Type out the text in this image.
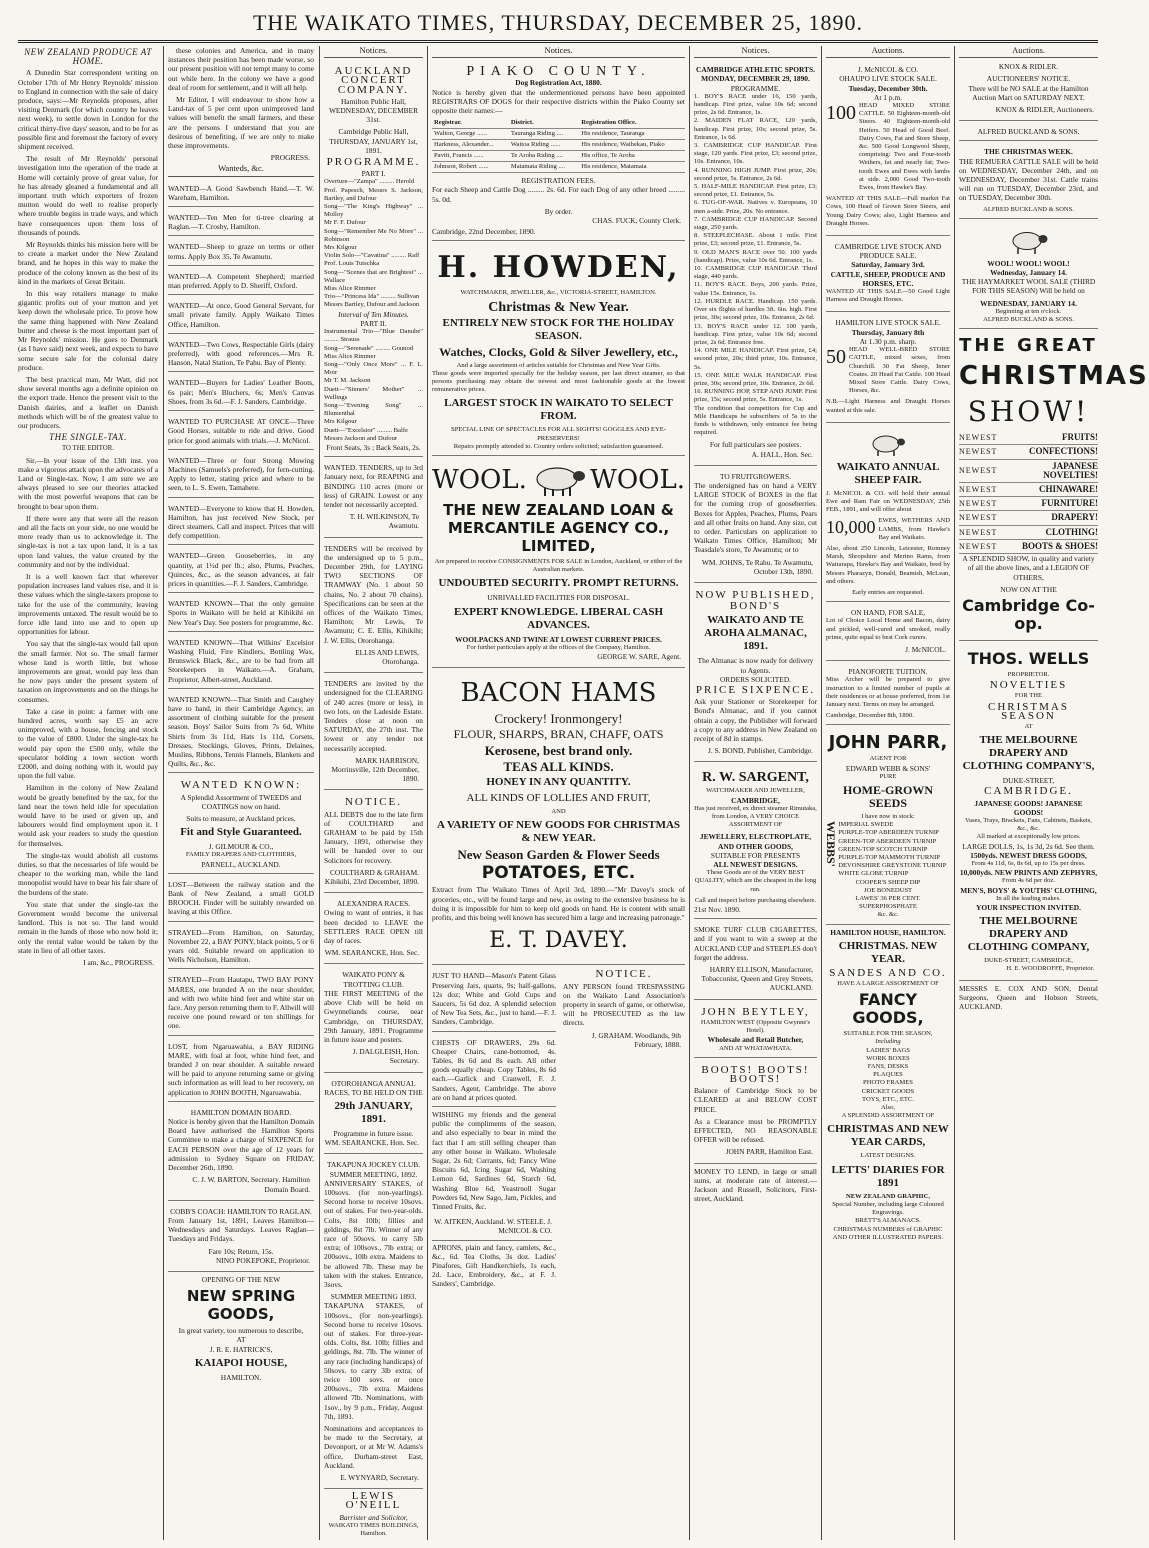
THE WAIKATO TIMES, THURSDAY, DECEMBER 25, 1890.
NEW ZEALAND PRODUCE AT HOME.

A Dunedin Star correspondent writing on October 17th of Mr Henry Reynolds' mission to England in connection with the sale of dairy produce, says:—Mr Reynolds proposes, after visiting Denmark (for which country he leaves next week), to settle down in London for the critical thirty-five days' season, and to be for as possible first and foremost the factory of every shipment received.

The result of Mr Reynolds' personal investigation into the operation of the trade at Home will certainly prove of great value, for he has already gleaned a fundamental and all important truth which exporters of frozen mutton would do well to realise properly where trouble begins in trade ways, and which have consequences upon them loss of thousands of pounds.

Mr Reynolds thinks his mission here will be to create a market under the New Zealand brand, and he hopes in this way to make the produce of the colony known as the best of its kind in the markets of Great Britain.

In this way retailers manage to make gigantic profits out of your mutton and yet keep down the wholesale price. To prove how the same thing happened with New Zealand butter and cheese is the most important part of Mr Reynolds' mission. He goes to Denmark (as I have said) next week, and expects to have some secure sale for the colonial dairy produce.

The best practical man, Mr Watt, did not show several months ago a definite opinion on the export trade. Hence the present visit to the Danish dairies, and a leaflet on Danish methods which will be of the greatest value to our producers.

THE SINGLE-TAX.
TO THE EDITOR.

Sir,—In your issue of the 13th inst. you make a vigorous attack upon the advocates of a Land or Single-tax. Now, I am sure we are always pleased to see our theories attacked with the most powerful weapons that can be brought to bear upon them.

If there were any that were all the reason and all the facts on your side, no one would be more ready than us to acknowledge it. The single-tax is not a tax upon land, it is a tax upon land values, the value created by the community and not by the individual.

It is a well known fact that wherever population increases land values rise, and it is these values which the single-taxers propose to take for the use of the community, leaving improvements untaxed. The result would be to force idle land into use and to open up opportunities for labour.

You say that the single-tax would fall upon the small farmer. Not so. The small farmer whose land is worth little, but whose improvements are great, would pay less than he now pays under the present system of taxation on improvements and on the things he consumes.

Take a case in point: a farmer with one hundred acres, worth say £5 an acre unimproved, with a house, fencing and stock to the value of £800. Under the single-tax he would pay upon the £500 only, while the speculator holding a town section worth £2000, and doing nothing with it, would pay upon the full value.

Hamilton in the colony of New Zealand would be greatly benefited by the tax, for the land near the town held idle for speculation would have to be used or given up, and labourers would find employment upon it. I would ask your readers to study the question for themselves.

The single-tax would abolish all customs duties, so that the necessaries of life would be cheaper to the working man, while the land monopolist would have to bear his fair share of the burdens of the state.

You state that under the single-tax the Government would become the universal landlord. This is not so. The land would remain in the hands of those who now hold it; only the rental value would be taken by the state in lieu of all other taxes.

I am, &c., PROGRESS.

these colonies and America, and in many instances their position has been made worse, so our present position will not tempt many to come out while here. In the colony we have a good deal of room for settlement, and it will all help.

Mr Editor, I will endeavour to show how a Land-tax of 5 per cent upon unimproved land values will benefit the small farmers, and these are the persons I understand that you are desirous of benefiting, if we are only to make these improvements.

PROGRESS.
Wanteds, &c.

WANTED—A Good Sawbench Hand.—T. W. Wareham, Hamilton.

WANTED—Ten Men for ti-tree clearing at Raglan.—T. Crosby, Hamilton.

WANTED—Sheep to graze on terms or other terms. Apply Box 35, Te Awamutu.

WANTED—A Competent Shepherd; married man preferred. Apply to D. Sheriff, Oxford.

WANTED—At once, Good General Servant, for small private family. Apply Waikato Times Office, Hamilton.

WANTED—Two Cows, Respectable Girls (dairy preferred), with good references.—Mrs R. Hanson, Natal Station, Te Pahu. Bay of Plenty.

WANTED—Buyers for Ladies' Leather Boots, 6s pair; Men's Bluchers, 6s; Men's Canvas Shoes, from 3s 6d.—F. J. Sanders, Cambridge.

WANTED TO PURCHASE AT ONCE—Three Good Horses, suitable to ride and drive. Good price for good animals with trials.—J. McNicol.

WANTED—Three or four Strong Mowing Machines (Samuels's preferred), for fern-cutting. Apply to letter, stating price and where to be seen, to L. S. Ewen, Tamahere.

WANTED—Everyone to know that H. Howden, Hamilton, has just received New Stock, per direct steamers. Call and inspect. Prices that will defy competition.

WANTED—Green Gooseberries, in any quantity, at 1½d per lb.; also, Plums, Peaches, Quinces, &c., as the season advances, at fair prices in quantities.—F. J. Sanders, Cambridge.

WANTED KNOWN—That the only genuine Sports in Waikato will be held at Kihikihi on New Year's Day. See posters for programme, &c.

WANTED KNOWN—That Wilkins' Excelsior Washing Fluid, Fire Kindlers, Bottling Wax, Brunswick Black, &c., are to be had from all Storekeepers in Waikato.—A. Graham, Proprietor, Albert-street, Auckland.

WANTED KNOWN—That Smith and Caughey have to hand, in their Cambridge Agency, an assortment of clothing suitable for the present season. Boys' Sailor Suits from 7s 6d, White Shirts from 3s 11d, Hats 1s 11d, Corsets, Dresses, Stockings, Gloves, Prints, Delaines, Muslins, Ribbons, Tennis Flannels, Blankets and Quilts, &c., &c.

WANTED KNOWN:

A Splendid Assortment of TWEEDS and COATINGS now on hand.

Suits to measure, at Auckland prices.

Fit and Style Guaranteed.
J. GILMOUR & CO.,
FAMILY DRAPERS AND CLOTHIERS,
PARNELL, AUCKLAND.

LOST—Between the railway station and the Bank of New Zealand, a small GOLD BROOCH. Finder will be suitably rewarded on leaving at this Office.

STRAYED—From Hamilton, on Saturday, November 22, a BAY PONY, black points, 5 or 6 years old. Suitable reward on application to Wells Nicholson, Hamilton.

STRAYED—From Hautapu, TWO BAY PONY MARES, one branded A on the near shoulder, and with two white hind feet and white star on face. Any person returning them to F. Allwill will receive one pound reward or ten shillings for one.

LOST, from Ngaruawahia, a BAY RIDING MARE, with foal at foot, white hind feet, and branded J on near shoulder. A suitable reward will be paid to anyone returning same or giving such information as will lead to her recovery, on application to JOHN BOOTH, Ngaruawahia.

HAMILTON DOMAIN BOARD.

Notice is hereby given that the Hamilton Domain Board have authorised the Hamilton Sports Committee to make a charge of SIXPENCE for EACH PERSON over the age of 12 years for admission to Sydney Square on FRIDAY, December 26th, 1890.

C. J. W. BARTON, Secretary. Hamilton Domain Board.
COBB'S COACH: HAMILTON TO RAGLAN.

From January 1st, 1891, Leaves Hamilton—Wednesdays and Saturdays. Leaves Raglan—Tuesdays and Fridays.

Fare 10s; Return, 15s.
NINO POKEPOKE, Proprietor.
OPENING OF THE NEW
NEW SPRING GOODS,
In great variety, too numerous to describe,
AT
J. R. E. HATRICK'S,
KAIAPOI HOUSE,
HAMILTON.
Notices.
AUCKLAND CONCERT COMPANY.

Hamilton Public Hall, WEDNESDAY, DECEMBER 31st.

Cambridge Public Hall, THURSDAY, JANUARY 1st, 1891.

PROGRAMME.
PART I.
Overture—"Zampa" ......... Herold
Prof. Papesch, Messrs S. Jackson, Bartley, and Dufour
Song—"The King's Highway" ... Molloy
Mr F. F. Dufour
Song—"Remember Me No More" ... Robinson
Mrs Kilgour
Violin Solo—"Cavatina" ......... Raff
Prof. Louis Tutschka
Song—"Scenes that are Brightest" ... Wallace
Miss Alice Rimmer
Trio—"Princess Ida" ......... Sullivan
Messrs Bartley, Dufour and Jackson
Interval of Ten Minutes.
PART II.
Instrumental Trio—"Blue Danube" ......... Strauss
Song—"Serenade" ......... Gounod
Miss Alice Rimmer
Song—"Only Once More" ... F. L. Moir
Mr T. M. Jackson
Duett—"Sinners' Mother" ... Wellings
Song—"Evening Song" ... Blumenthal
Mrs Kilgour
Duett—"Excelsior" ......... Balfe
Messrs Jackson and Dufour
Front Seats, 3s ; Back Seats, 2s.

WANTED. TENDERS, up to 3rd January next, for REAPING and BINDING 110 acres (more or less) of GRAIN. Lowest or any tender not necessarily accepted.

T. H. WILKINSON, Te Awamutu.

TENDERS will be received by the undersigned up to 5 p.m., December 29th, for LAYING TWO SECTIONS OF TRAMWAY (No. 1 about 50 chains, No. 2 about 70 chains). Specifications can be seen at the offices of the Waikato Times, Hamilton; Mr Lewis, Te Awamutu; C. E. Ellis, Kihikihi; J. W. Ellis, Otorohanga.

ELLIS AND LEWIS, Otorohanga.

TENDERS are invited by the undersigned for the CLEARING of 240 acres (more or less), in two lots, on the Ladeside Estate. Tenders close at noon on SATURDAY, the 27th inst. The lowest or any tender not necessarily accepted.

MARK HARRISON, Morrinsville, 12th December, 1890.
NOTICE.

ALL DEBTS due to the late firm of COULTHARD and GRAHAM to be paid by 15th January, 1891, otherwise they will be handed over to our Solicitors for recovery.

COULTHARD & GRAHAM. Kihikihi, 23rd December, 1890.
ALEXANDRA RACES.

Owing to want of entries, it has been decided to LEAVE the SETTLERS RACE OPEN till day of races.

WM. SEARANCKE, Hon. Sec.
WAIKATO PONY & TROTTING CLUB.

THE FIRST MEETING of the above Club will be held on Gwynneliands course, near Cambridge, on THURSDAY, 29th January, 1891. Programme in future issue and posters.

J. DALGLEISH, Hon. Secretary.
OTOROHANGA ANNUAL RACES, TO BE HELD ON THE
29th JANUARY, 1891.
Programme in future issue.
WM. SEARANCKE, Hon. Sec.
TAKAPUNA JOCKEY CLUB.
SUMMER MEETING, 1892.

ANNIVERSARY STAKES, of 100sovs. (for non-yearlings). Second horse to receive 10sovs. out of stakes. For two-year-olds. Colts, 8st 10lb; fillies and geldings, 8st 7lb. Winner of any race of 50sovs. to carry 5lb extra; of 100sovs., 7lb extra; or 200sovs., 10lb extra. Maidens to be allowed 7lb. These may be taken with the stakes. Entrance, 3sovs.

SUMMER MEETING 1893.

TAKAPUNA STAKES, of 100sovs., (for non-yearlings). Second horse to receive 10sovs. out of stakes. For three-year-olds. Colts, 8st. 10lb; fillies and geldings, 8st. 7lb. The winner of any race (including handicaps) of 50sovs. to carry 3lb extra; of twice 100 sovs. or once 200sovs., 7lb extra. Maidens allowed 7lb. Nominations, with 1sov., by 9 p.m., Friday, August 7th, 1891.

Nominations and acceptances to be made to the Secretary, at Devonport, or at Mr W. Adams's office, Durham-street East, Auckland.

E. WYNYARD, Secretary.
LEWIS O'NEILL
Barrister and Solicitor,
WAIKATO TIMES BUILDINGS, Hamilton.
Notices.
PIAKO COUNTY.
Dog Registration Act, 1880.

Notice is hereby given that the undermentioned persons have been appointed REGISTRARS OF DOGS for their respective districts within the Piako County set opposite their names:—

Registrar.	District.	Registration Office.
Walton, George ......	Tauranga Riding ....	His residence, Tauranga
Harkness, Alexander...	Waitoa Riding ......	His residence, Waihekau, Piako
Pavitt, Francis ......	Te Aroha Riding ....	His office, Te Aroha
Johnson, Robert ......	Matamata Riding ....	His residence, Matamata
REGISTRATION FEES.

For each Sheep and Cattle Dog ......... 2s. 6d. For each Dog of any other breed ......... 5s. 0d.

By order.
CHAS. FUCK, County Clerk.
Cambridge, 22nd December, 1890.
H. HOWDEN,
WATCHMAKER, JEWELLER, &c., VICTORIA-STREET, HAMILTON.
Christmas & New Year.
ENTIRELY NEW STOCK FOR THE HOLIDAY SEASON.
Watches, Clocks, Gold & Silver Jewellery, etc.,
And a large assortment of articles suitable for Christmas and New Year Gifts.

These goods were imported specially for the holiday season, per last direct steamer, so that persons purchasing may obtain the newest and most fashionable goods at the lowest remunerative prices.

LARGEST STOCK IN WAIKATO TO SELECT FROM.
SPECIAL LINE OF SPECTACLES FOR ALL SIGHTS! GOGGLES AND EYE-PRESERVERS!
Repairs promptly attended to. Country orders solicited; satisfaction guaranteed.
WOOL. WOOL.
THE NEW ZEALAND LOAN & MERCANTILE AGENCY CO., LIMITED,

Are prepared to receive CONSIGNMENTS FOR SALE in London, Auckland, or either of the Australian markets.

UNDOUBTED SECURITY. PROMPT RETURNS.
UNRIVALLED FACILITIES FOR DISPOSAL.
EXPERT KNOWLEDGE. LIBERAL CASH ADVANCES.
WOOLPACKS AND TWINE AT LOWEST CURRENT PRICES.
For further particulars apply at the offices of the Company, Hamilton.
GEORGE W. SARE, Agent.
BACON HAMS
Crockery! Ironmongery!
FLOUR, SHARPS, BRAN, CHAFF, OATS
Kerosene, best brand only.
TEAS ALL KINDS.
HONEY IN ANY QUANTITY.
ALL KINDS OF LOLLIES AND FRUIT,
AND
A VARIETY OF NEW GOODS FOR CHRISTMAS & NEW YEAR.
New Season Garden & Flower Seeds
POTATOES, ETC.

Extract from The Waikato Times of April 3rd, 1890.—"Mr Davey's stock of groceries, etc., will be found large and new, as owing to the extensive business he is doing it is impossible for him to keep old goods on hand. He is content with small profits, and this being well known has secured him a large and increasing patronage."

E. T. DAVEY.

JUST TO HAND—Mason's Patent Glass Preserving Jars, quarts, 9s; half-gallons, 12s doz; White and Gold Cups and Saucers, 5s 6d doz. A splendid selection of New Tea Sets, &c., just to hand.—F. J. Sanders, Cambridge.

CHESTS OF DRAWERS, 29s 6d. Cheaper Chairs, cane-bottomed, 4s. Tables, 8s 6d and 8s each. All other goods equally cheap. Copy Tables, 8s 6d each.—Garlick and Cranwell, F. J. Sanders, Agent, Cambridge. The above are on hand at prices quoted.

WISHING my friends and the general public the compliments of the season, and also especially to bear in mind the fact that I am still selling cheaper than any other house in Waikato. Wholesale Sugar, 2s 6d; Currants, 6d; Fancy Wine Biscuits 6d, Icing Sugar 6d, Washing Lemon 6d, Sardines 6d, Starch 6d, Washing Blue 6d, Yeastrnoll Sugar Powders 6d, New Sago, Jam, Pickles, and Tinned Fruits, &c.

W. AITKEN, Auckland. W. STEELE. J. McNICOL & CO.

APRONS, plain and fancy, camlets, &c., &c., 6d. Tea Cloths, 3s doz. Ladies' Pinafores, Gift Handkerchiefs, 1s each, 2d. Lace, Embroidery, &c., at F. J. Sanders', Cambridge.

NOTICE.

ANY PERSON found TRESPASSING on the Waikato Land Association's property in search of game, or otherwise, will be PROSECUTED as the law directs.

J. GRAHAM. Woodlands, 9th February, 1888.
Notices.
CAMBRIDGE ATHLETIC SPORTS.
MONDAY, DECEMBER 29, 1890.
PROGRAMME.
1. BOY'S RACE under 16, 150 yards, handicap. First prize, value 10s 6d; second prize, 2s 6d. Entrance, 1s.
2. MAIDEN FLAT RACE, 120 yards, handicap. First prize, 10s; second prize, 5s. Entrance, 1s 6d.
3. CAMBRIDGE CUP HANDICAP. First stage, 120 yards. First prize, £3; second prize, 10s. Entrance, 10s.
4. RUNNING HIGH JUMP. First prize, 20s; second prize, 5s. Entrance, 2s 6d.
5. HALF-MILE HANDICAP. First prize, £3; second prize, £1. Entrance, 5s.
6. TUG-OF-WAR. Natives v. Europeans, 10 men a-side. Prize, 20s. No entrance.
7. CAMBRIDGE CUP HANDICAP. Second stage, 250 yards.
8. STEEPLECHASE. About 1 mile. First prize, £3; second prize, £1. Entrance, 5s.
9. OLD MAN'S RACE over 50. 100 yards (handicap). Prize, value 10s 6d. Entrance, 1s.
10. CAMBRIDGE CUP HANDICAP. Third stage, 440 yards.
11. BOY'S RACE. Boys, 200 yards. Prize, value 15s. Entrance, 1s.
12. HURDLE RACE. Handicap. 150 yards. Over six flights of hurdles 3ft. 6in. high. First prize, 30s; second prize, 10s. Entrance, 2s 6d.
13. BOY'S RACE under 12. 100 yards, handicap. First prize, value 10s 6d; second prize, 2s 6d. Entrance free.
14. ONE MILE HANDICAP. First prize, £4; second prize, 20s; third prize, 10s. Entrance, 5s.
15. ONE MILE WALK HANDICAP. First prize, 30s; second prize, 10s. Entrance, 2s 6d.
16. RUNNING HOP, STEP AND JUMP. First prize, 15s; second prize, 5s. Entrance, 1s.

The condition that competitors for Cup and Mile Handicaps be subscribers of 5s to the funds is withdrawn, only entrance fee being required.

For full particulars see posters.
A. HALL, Hon. Sec.
TO FRUITGROWERS.

The undersigned has on hand a VERY LARGE STOCK of BOXES in the flat for the coming crop of gooseberries. Boxes for Apples, Peaches, Plums, Pears and all other fruits on hand. Any size, cut to order. Particulars on application to Waikato Times Office, Hamilton; Mr Teasdale's store, Te Awamutu; or to

WM. JOHNS, Te Rahu. Te Awamutu, October 13th, 1890.
NOW PUBLISHED,
BOND'S
WAIKATO AND TE AROHA ALMANAC, 1891.
The Almanac is now ready for delivery to Agents.
ORDERS SOLICITED.
PRICE SIXPENCE.

Ask your Stationer or Storekeeper for Bond's Almanac, and if you cannot obtain a copy, the Publisher will forward a copy to any address in New Zealand on receipt of 8d in stamps.

J. S. BOND, Publisher, Cambridge.
R. W. SARGENT,
WATCHMAKER AND JEWELLER,
CAMBRIDGE,

Has just received, ex direct steamer Rimutaka, from London, A VERY CHOICE ASSORTMENT OF

JEWELLERY, ELECTROPLATE, AND OTHER GOODS,
SUITABLE FOR PRESENTS
ALL NEWEST DESIGNS.

These Goods are of the VERY BEST QUALITY, which are the cheapest in the long run.

Call and inspect before purchasing elsewhere.
21st Nov. 1890.

SMOKE TURF CLUB CIGARETTES, and if you want to win a sweep at the AUCKLAND CUP and STEEPLES don't forget the address.

HARRY ELLISON, Manufacturer, Tobacconist, Queen and Grey Streets, AUCKLAND.
JOHN BEYTLEY,
HAMILTON WEST (Opposite Gwynne's Hotel).
Wholesale and Retail Butcher,
AND AT WHATAWHATA.
BOOTS! BOOTS! BOOTS!

Balance of Cambridge Stock to be CLEARED at and BELOW COST PRICE.

As a Clearance must be PROMPTLY EFFECTED, NO REASONABLE OFFER will be refused.

JOHN PARR, Hamilton East.

MONEY TO LEND, in large or small sums, at moderate rate of interest.—Jackson and Russell, Solicitors, First-street, Auckland.

Auctions.
J. McNICOL & CO.
OHAUPO LIVE STOCK SALE.
Tuesday, December 30th.
At 1 p.m.
100 HEAD MIXED STORE CATTLE. 50 Eighteen-month-old Steers. 40 Eighteen-month-old Heifers. 50 Head of Good Beef. Dairy Cows, Fat and Store Sheep, &c. 500 Good Longwool Sheep, comprising: Two and Four-tooth Wethers, fat and nearly fat; Two-tooth Ewes and Ewes with lambs at side. 2,000 Good Two-tooth Ewes, from Hawke's Bay.

WANTED AT THIS SALE—Full market Fat Cows, 100 Head of Grown Store Steers, and Young Dairy Cows; also, Light Harness and Draught Horses.

CAMBRIDGE LIVE STOCK AND PRODUCE SALE.
Saturday, January 3rd.
CATTLE, SHEEP, PRODUCE AND HORSES, ETC.

WANTED AT THIS SALE—50 Good Light Harness and Draught Horses.

HAMILTON LIVE STOCK SALE.
Thursday, January 8th
At 1.30 p.m. sharp.
50 HEAD WELL-BRED STORE CATTLE, mixed sexes, from Churchill. 30 Fat Sheep, Inner Coates. 20 Head Fat Cattle. 100 Head Mixed Store Cattle. Dairy Cows, Horses, &c.

N.B.—Light Harness and Draught Horses wanted at this sale.

WAIKATO ANNUAL SHEEP FAIR.

J. McNICOL & CO. will hold their annual Ewe and Ram Fair on WEDNESDAY, 25th FEB., 1891, and will offer about

10,000 EWES, WETHERS AND LAMBS, from Hawke's Bay and Waikato.

Also, about 250 Lincoln, Leicester, Romney Marsh, Shropshire and Merino Rams, from Wairarapa, Hawke's Bay and Waikato, bred by Messrs Pharazyn, Donald, Beamish, McLean, and others.

Early entries are requested.
ON HAND, FOR SALE,

Lot of Choice Local Home and Bacon, dairy and pickled, well-cured and smoked, really prime, quite equal to best Cork curers.

J. McNICOL.
PIANOFORTE TUITION.

Miss Archer will be prepared to give instruction to a limited number of pupils at their residences or at house preferred, from 1st January next. Terms on may be arranged.

Cambridge, December 8th, 1890.
JOHN PARR,
AGENT FOR
EDWARD WEBB & SONS'
PURE
HOME-GROWN SEEDS
I have now in stock:
WEBBS' IMPERIAL SWEDE
PURPLE-TOP ABERDEEN TURNIP
GREEN-TOP ABERDEEN TURNIP
GREEN-TOP SCOTCH TURNIP
PURPLE-TOP MAMMOTH TURNIP
DEVONSHIRE GREYSTONE TURNIP
WHITE GLOBE TURNIP
COOPER'S SHEEP DIP
JOE BONEDUST
LAWES' 36 PER CENT. SUPERPHOSPHATE
&c. &c.
HAMILTON HOUSE, HAMILTON.
CHRISTMAS. NEW YEAR.
SANDES AND CO.
HAVE A LARGE ASSORTMENT OF
FANCY GOODS,
SUITABLE FOR THE SEASON,
Including
LADIES' BAGS
WORK BOXES
FANS, DESKS
PLAQUES
PHOTO FRAMES
CRICKET GOODS
TOYS, ETC., ETC.
Also,
A SPLENDID ASSORTMENT OF
CHRISTMAS AND NEW YEAR CARDS,
LATEST DESIGNS.
LETTS' DIARIES FOR 1891
NEW ZEALAND GRAPHIC,
Special Number, including large Coloured Engravings.
BRETT'S ALMANACS.
CHRISTMAS NUMBERS of GRAPHIC AND OTHER ILLUSTRATED PAPERS.
Auctions.
KNOX & RIDLER.
AUCTIONEERS' NOTICE.

There will be NO SALE at the Hamilton Auction Mart on SATURDAY NEXT.

KNOX & RIDLER, Auctioneers.
ALFRED BUCKLAND & SONS.
THE CHRISTMAS WEEK.

THE REMUERA CATTLE SALE will be held on WEDNESDAY, December 24th, and on WEDNESDAY, December 31st. Cattle trains will run on TUESDAY, December 23rd, and on TUESDAY, December 30th.

ALFRED BUCKLAND & SONS.
WOOL! WOOL! WOOL!
Wednesday, January 14.

THE HAYMARKET WOOL SALE (THIRD FOR THIS SEASON) Will be held on

WEDNESDAY, JANUARY 14.
Beginning at ten o'clock.
ALFRED BUCKLAND & SONS.
THE GREAT
CHRISTMAS
SHOW!
NEWEST	FRUITS!
NEWEST	CONFECTIONS!
NEWEST
JAPANESE NOVELTIES!
NEWEST	CHINAWARE!
NEWEST	FURNITURE!
NEWEST	DRAPERY!
NEWEST	CLOTHING!
NEWEST	BOOTS & SHOES!

A SPLENDID SHOW, in quality and variety of all the above lines, and a LEGION OF OTHERS,

NOW ON AT THE
Cambridge Co-op.
THOS. WELLS
PROPRIETOR.
NOVELTIES
FOR THE
CHRISTMAS SEASON
AT
THE MELBOURNE DRAPERY AND CLOTHING COMPANY'S,
DUKE-STREET,
CAMBRIDGE.
JAPANESE GOODS! JAPANESE GOODS!
Vases, Trays, Brackets, Fans, Cabinets, Baskets, &c., &c.
All marked at exceptionally low prices.
LARGE DOLLS, 1s, 1s 3d, 2s 6d. See them.
1500yds. NEWEST DRESS GOODS,
From 4s 11d, 6s, 8s 6d, up to 15s per dress.
10,000yds. NEW PRINTS AND ZEPHYRS,
From 4s 6d per doz.
MEN'S, BOYS' & YOUTHS' CLOTHING,
In all the leading makes.
YOUR INSPECTION INVITED.
THE MELBOURNE DRAPERY AND CLOTHING COMPANY,
DUKE-STREET, CAMBRIDGE,
H. E. WOODROFFE, Proprietor.

MESSRS E. COX AND SON, Dental Surgeons, Queen and Hobson Streets, AUCKLAND.
